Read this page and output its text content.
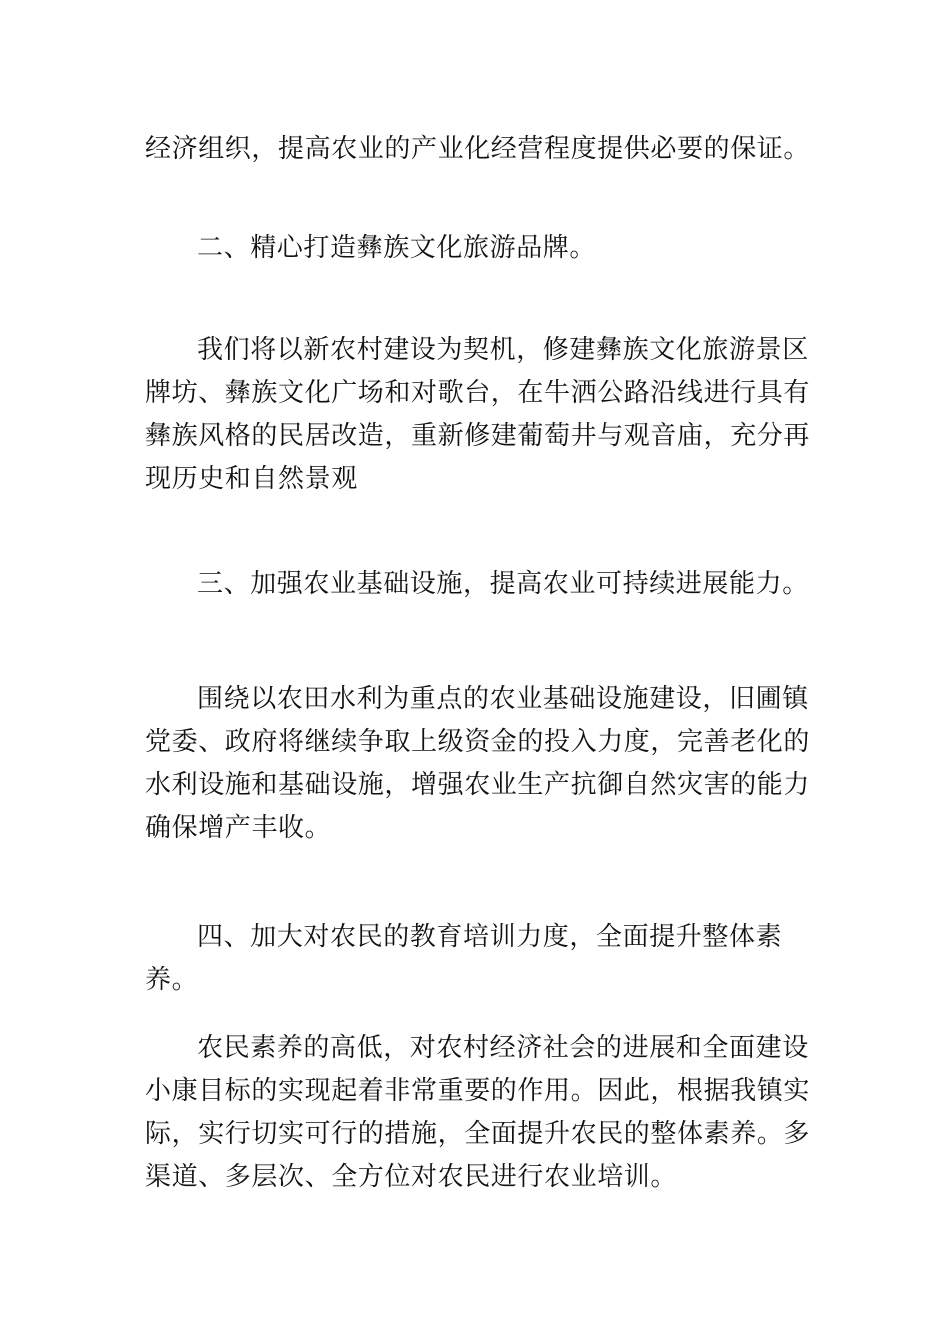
经济组织，提高农业的产业化经营程度提供必要的保证。

二、精心打造彝族文化旅游品牌。

我们将以新农村建设为契机，修建彝族文化旅游景区牌坊、彝族文化广场和对歌台，在牛洒公路沿线进行具有彝族风格的民居改造，重新修建葡萄井与观音庙，充分再现历史和自然景观

三、加强农业基础设施，提高农业可持续进展能力。

围绕以农田水利为重点的农业基础设施建设，旧圃镇党委、政府将继续争取上级资金的投入力度，完善老化的水利设施和基础设施，增强农业生产抗御自然灾害的能力确保增产丰收。

四、加大对农民的教育培训力度，全面提升整体素养。

农民素养的高低，对农村经济社会的进展和全面建设小康目标的实现起着非常重要的作用。因此，根据我镇实际，实行切实可行的措施，全面提升农民的整体素养。多渠道、多层次、全方位对农民进行农业培训。
